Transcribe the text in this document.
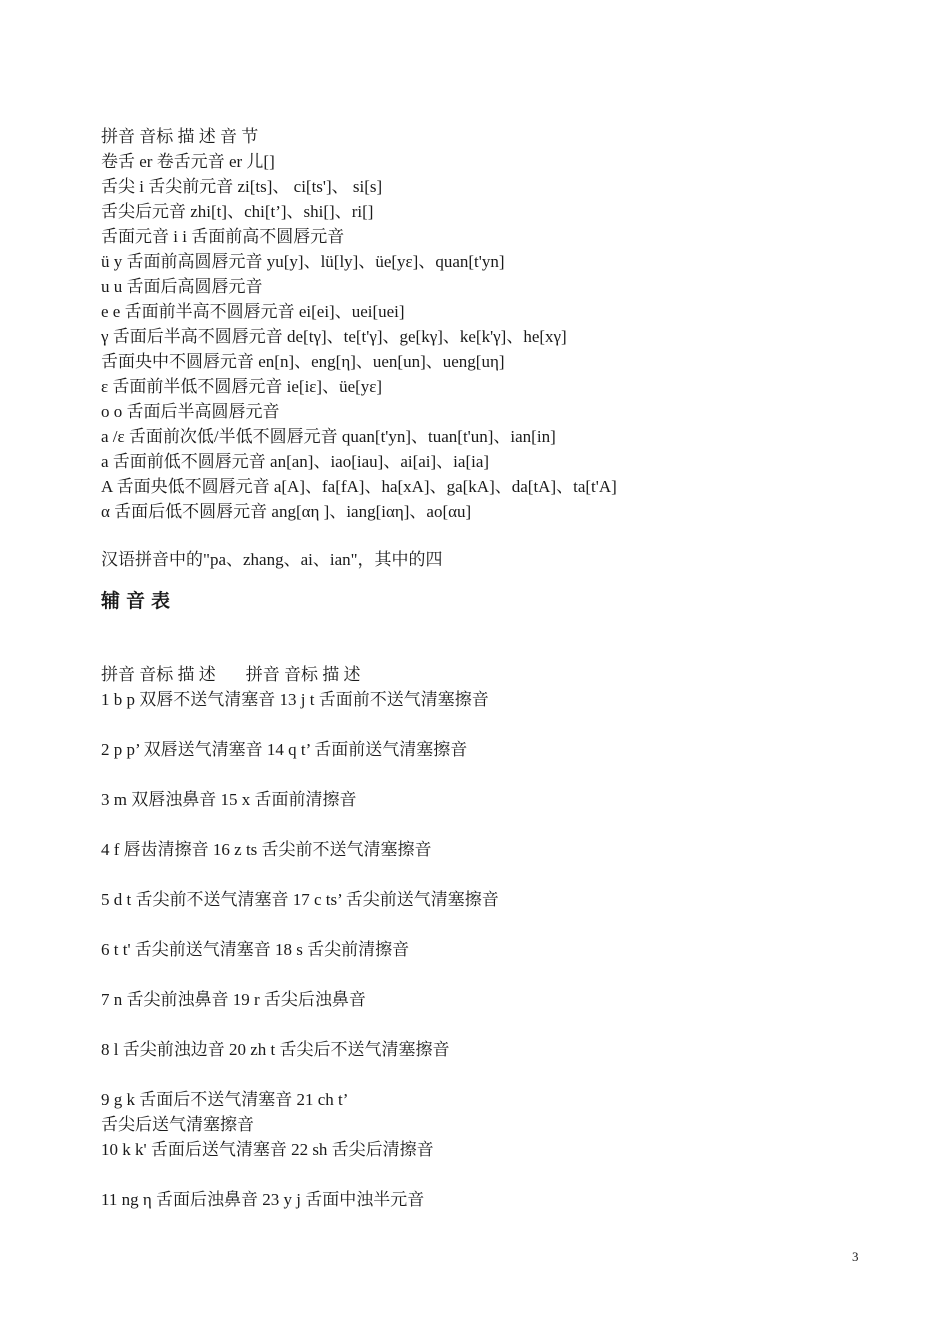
拼音 音标 描 述 音 节
卷舌 er 卷舌元音 er 儿[]
舌尖 i 舌尖前元音 zi[ts]、 ci[ts']、 si[s]
舌尖后元音 zhi[t]、chi[t’]、shi[]、ri[]
舌面元音 i i 舌面前高不圆唇元音
ü y 舌面前高圆唇元音 yu[y]、lü[ly]、üe[yε]、quan[t'yn]
u u 舌面后高圆唇元音
e e 舌面前半高不圆唇元音 ei[ei]、uei[uei]
γ 舌面后半高不圆唇元音 de[tγ]、te[t'γ]、ge[kγ]、ke[k'γ]、he[xγ]
舌面央中不圆唇元音 en[n]、eng[η]、uen[un]、ueng[uη]
ε 舌面前半低不圆唇元音 ie[iε]、üe[yε]
o o 舌面后半高圆唇元音
a /ε 舌面前次低/半低不圆唇元音 quan[t'yn]、tuan[t'un]、ian[in]
a 舌面前低不圆唇元音 an[an]、iao[iau]、ai[ai]、ia[ia]
A 舌面央低不圆唇元音 a[A]、fa[fA]、ha[xA]、ga[kA]、da[tA]、ta[t'A]
α 舌面后低不圆唇元音 ang[αη ]、iang[iαη]、ao[αu]
汉语拼音中的"pa、zhang、ai、ian"，其中的四
辅音表
拼音 音标 描 述 拼音 音标 描 述
1 b p 双唇不送气清塞音 13 j t 舌面前不送气清塞擦音
2 p p’ 双唇送气清塞音 14 q t’ 舌面前送气清塞擦音
3 m 双唇浊鼻音 15 x 舌面前清擦音
4 f 唇齿清擦音 16 z ts 舌尖前不送气清塞擦音
5 d t 舌尖前不送气清塞音 17 c ts’ 舌尖前送气清塞擦音
6 t t' 舌尖前送气清塞音 18 s 舌尖前清擦音
7 n 舌尖前浊鼻音 19 r 舌尖后浊鼻音
8 l 舌尖前浊边音 20 zh t 舌尖后不送气清塞擦音
9 g k 舌面后不送气清塞音 21 ch t’
舌尖后送气清塞擦音
10 k k' 舌面后送气清塞音 22 sh 舌尖后清擦音
11 ng η 舌面后浊鼻音 23 y j 舌面中浊半元音
3
